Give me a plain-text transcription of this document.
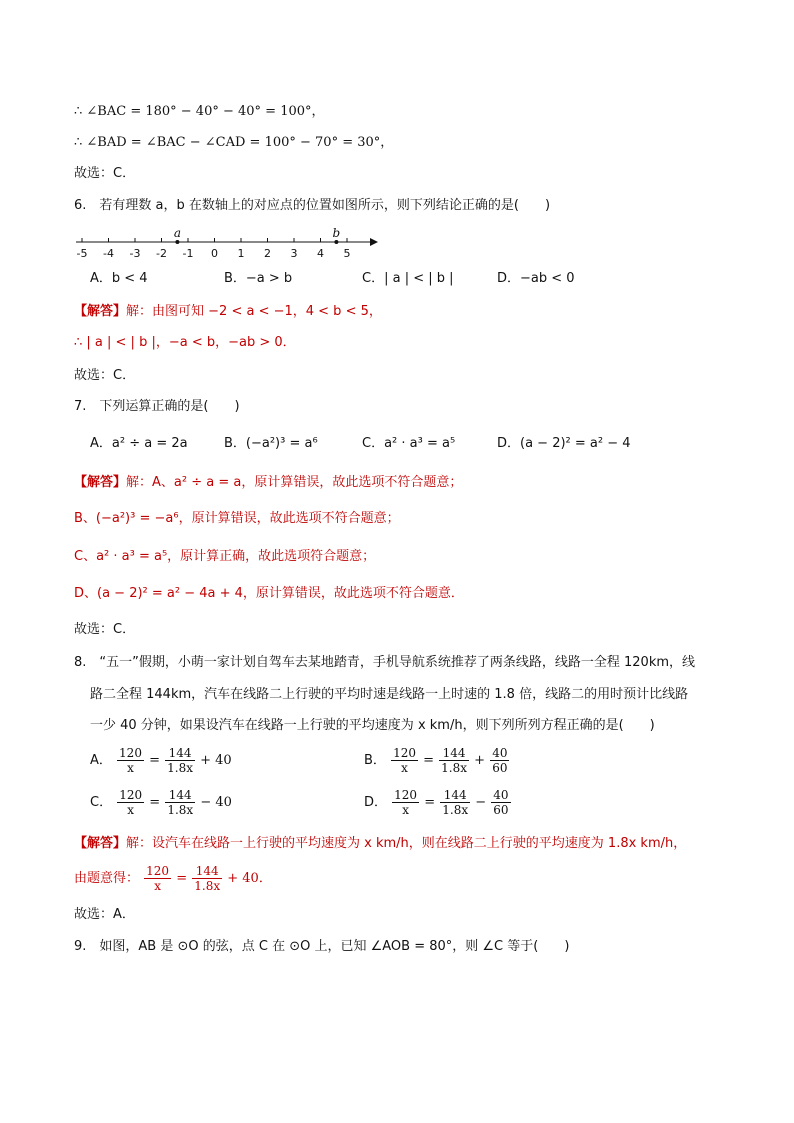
∴ ∠BAC = 180° − 40° − 40° = 100°，
∴ ∠BAD = ∠BAC − ∠CAD = 100° − 70° = 30°，
故选：C．
6.　若有理数 a，b 在数轴上的对应点的位置如图所示，则下列结论正确的是(　　)
-5 -4 -3 -2 -1 0 1 2 3 4 5
a	b
A．b < 4	B．−a > b	C．| a | < | b |	D．−ab < 0
【解答】解：由图可知 −2 < a < −1，4 < b < 5，
∴ | a | < | b |，−a < b，−ab > 0．
故选：C．
7.　下列运算正确的是(　　)
A．a² ÷ a = 2a	B．(−a²)³ = a⁶	C．a² · a³ = a⁵	D．(a − 2)² = a² − 4
【解答】解：A、a² ÷ a = a，原计算错误，故此选项不符合题意；
B、(−a²)³ = −a⁶，原计算错误，故此选项不符合题意；
C、a² · a³ = a⁵，原计算正确，故此选项符合题意；
D、(a − 2)² = a² − 4a + 4，原计算错误，故此选项不符合题意．
故选：C．
8.　“五一”假期，小萌一家计划自驾车去某地踏青，手机导航系统推荐了两条线路，线路一全程 120km，线
路二全程 144km，汽车在线路二上行驶的平均时速是线路一上时速的 1.8 倍，线路二的用时预计比线路
一少 40 分钟，如果设汽车在线路一上行驶的平均速度为 x km/h，则下列所列方程正确的是(　　)
A． $\frac{120}{x} = \frac{144}{1.8x} + 40$	B． $\frac{120}{x} = \frac{144}{1.8x} + \frac{40}{60}$
C． $\frac{120}{x} = \frac{144}{1.8x} - 40$	D． $\frac{120}{x} = \frac{144}{1.8x} - \frac{40}{60}$
【解答】解：设汽车在线路一上行驶的平均速度为 x km/h，则在线路二上行驶的平均速度为 1.8x km/h，
由题意得： $\frac{120}{x} = \frac{144}{1.8x} + 40$．
故选：A．
9.　如图，AB 是 ⊙O 的弦，点 C 在 ⊙O 上，已知 ∠AOB = 80°，则 ∠C 等于(　　)
